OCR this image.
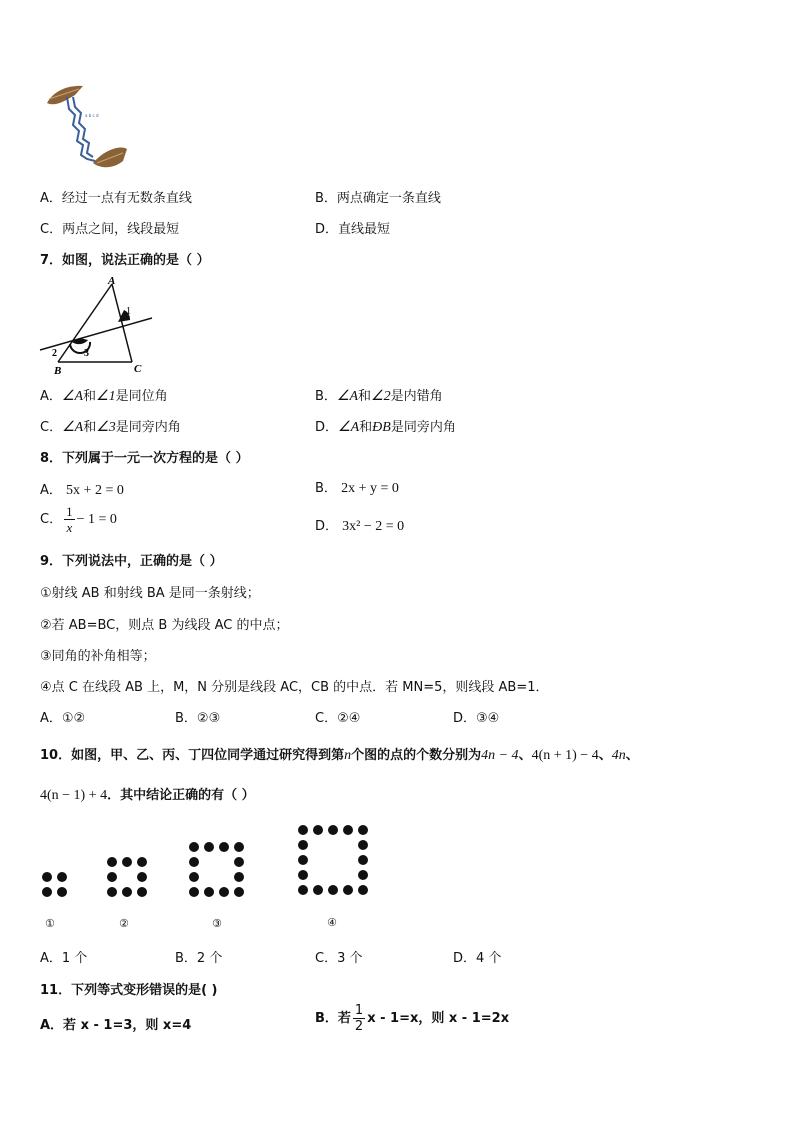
a b c d
A．经过一点有无数条直线	B．两点确定一条直线
C．两点之间，线段最短	D．直线最短
7．如图，说法正确的是（ ）
A
1
2	3
B	C
A．∠A和∠1是同位角	B．∠A和∠2是内错角
C．∠A和∠3是同旁内角	D．∠A和ÐB是同旁内角
8．下列属于一元一次方程的是（ ）
A． 5x + 2 = 0	B． 2x + y = 0
C． $\frac{1}{x} - 1 = 0$	D． 3x² − 2 = 0
9．下列说法中，正确的是（ ）
①射线 AB 和射线 BA 是同一条射线；
②若 AB=BC，则点 B 为线段 AC 的中点；
③同角的补角相等；
④点 C 在线段 AB 上，M，N 分别是线段 AC，CB 的中点．若 MN=5，则线段 AB=1．
A．①②	B．②③	C．②④	D．③④
10．如图，甲、乙、丙、丁四位同学通过研究得到第n个图的点的个数分别为4n − 4、4(n + 1) − 4、4n、
4(n − 1) + 4．其中结论正确的有（ ）
①	②	③	④
A．1 个	B．2 个	C．3 个	D．4 个
11．下列等式变形错误的是( )
A．若 x - 1=3，则 x=4	B．若 $\frac{1}{2}$ x - 1=x，则 x - 1=2x
